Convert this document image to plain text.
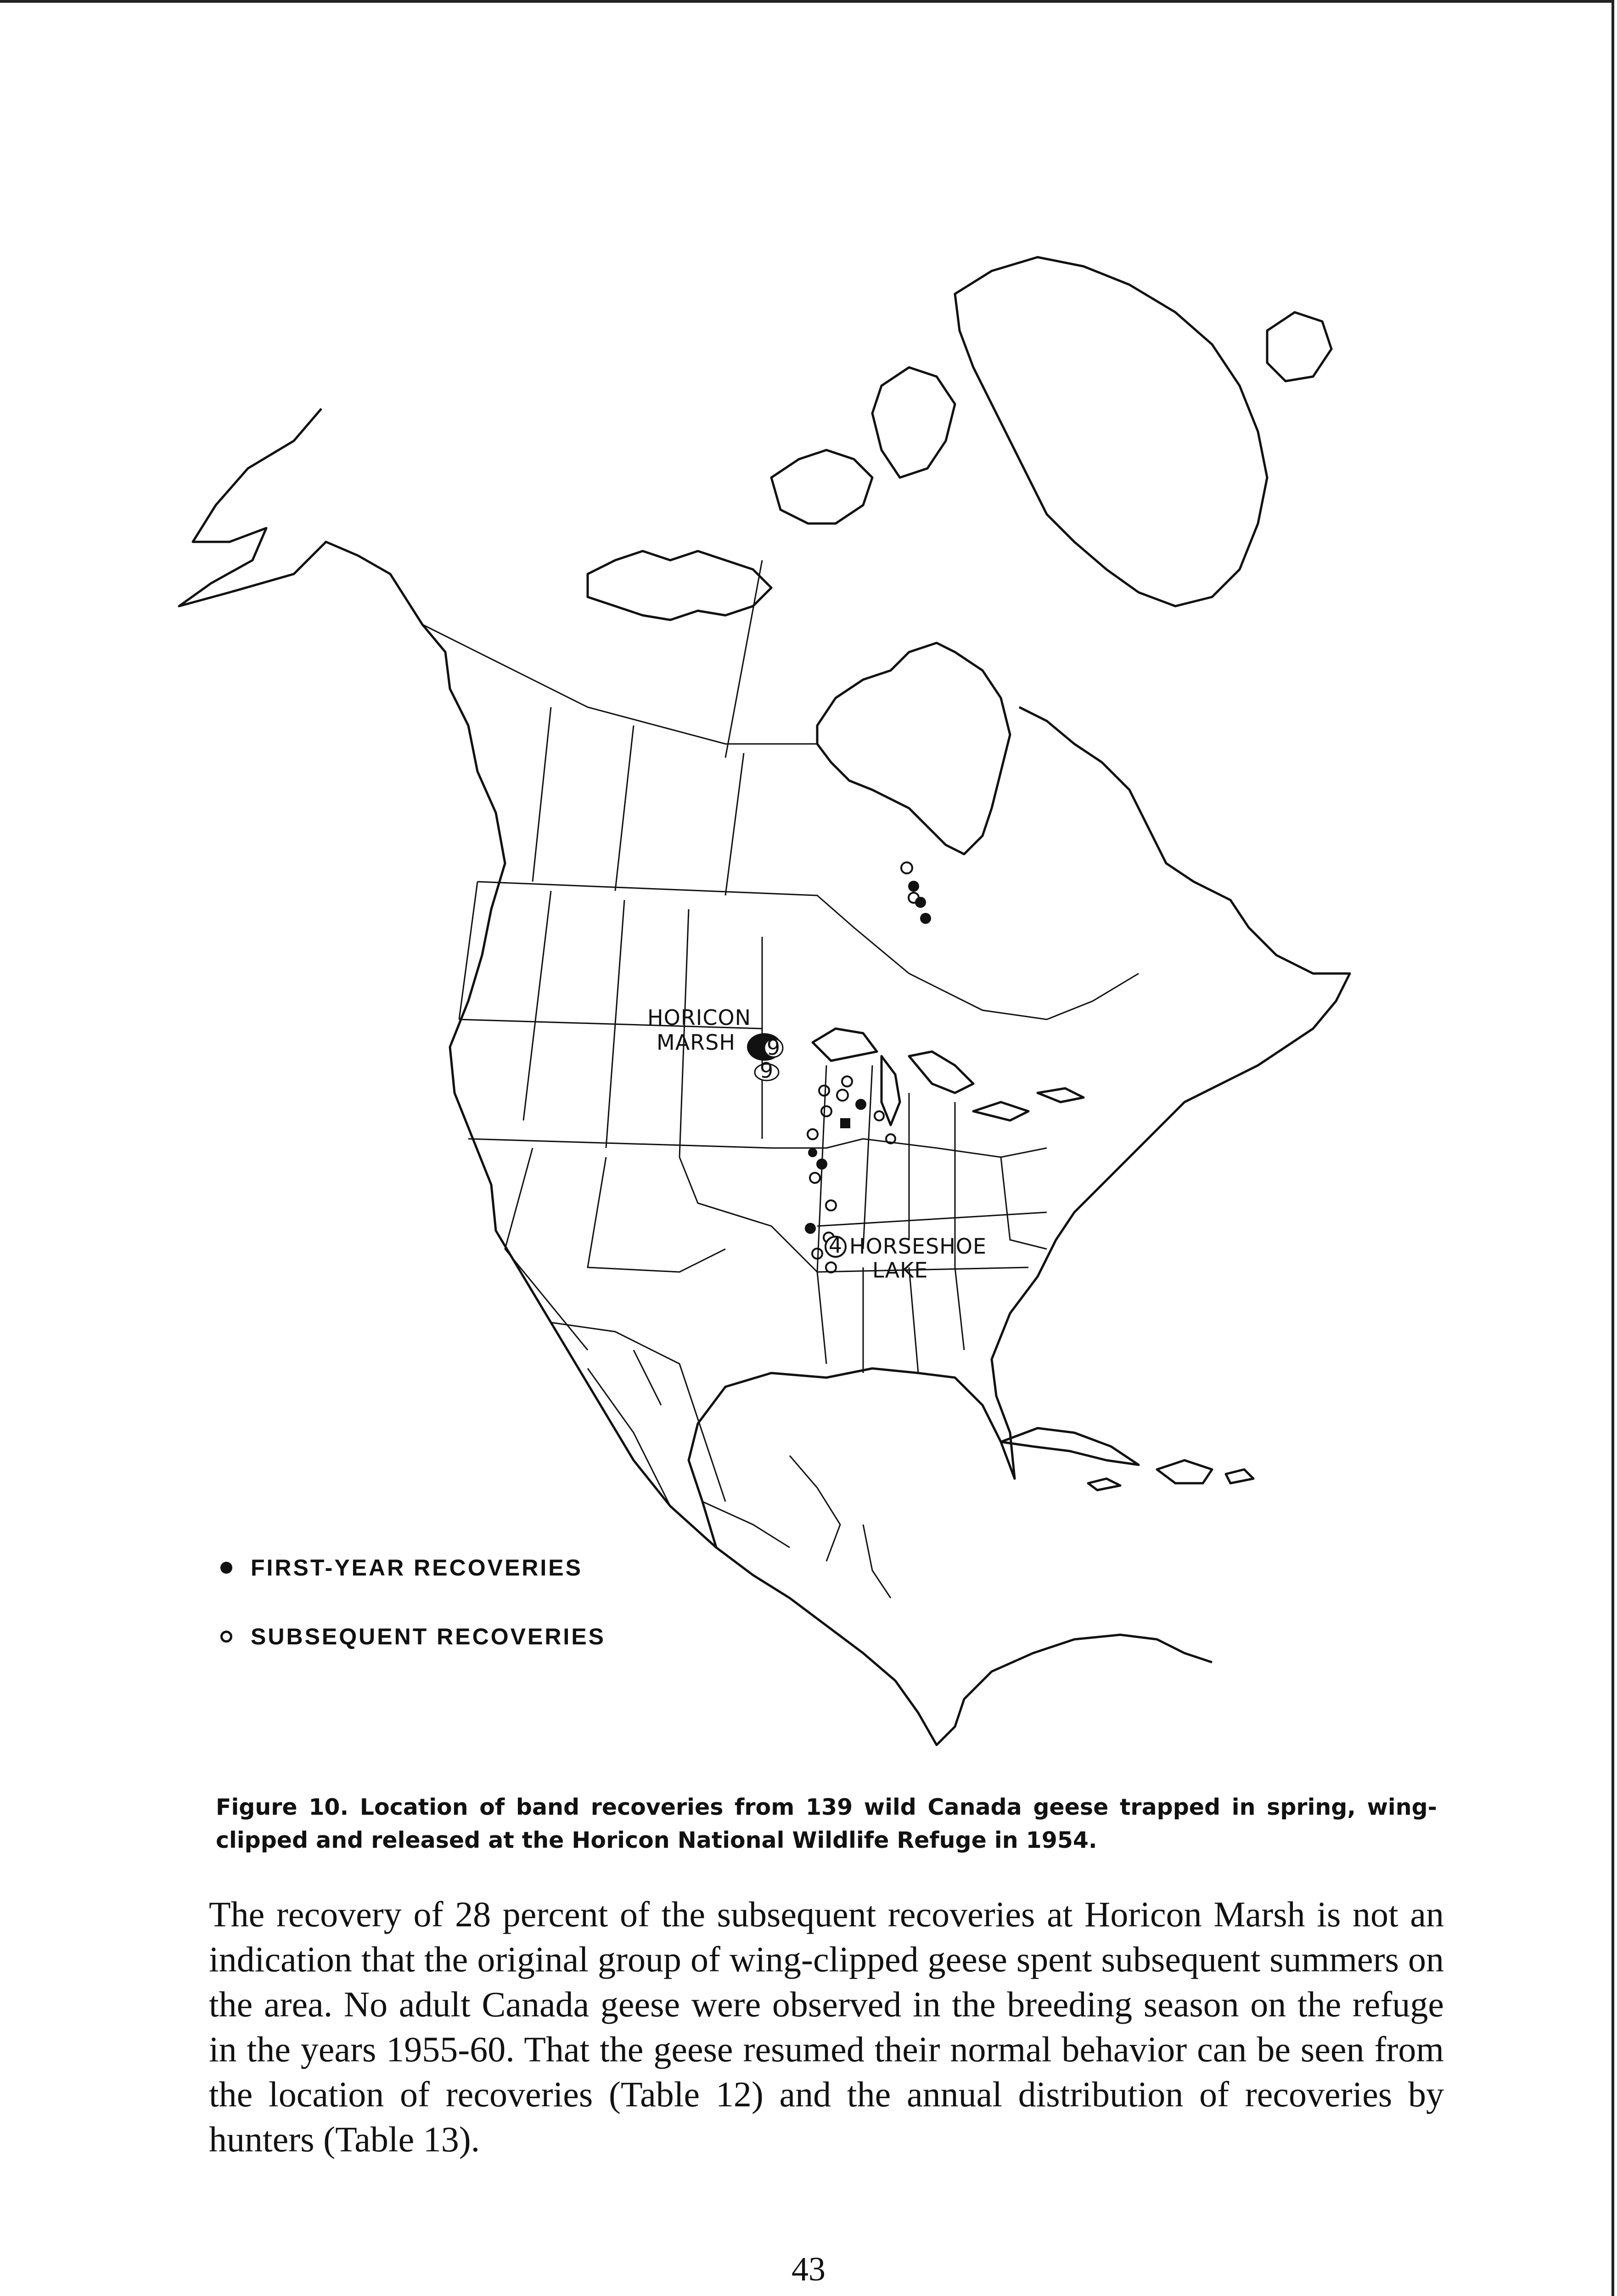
9
9
4
HORICON
MARSH
HORSESHOE
LAKE
FIRST-YEAR RECOVERIES
SUBSEQUENT RECOVERIES
Figure 10. Location of band recoveries from 139 wild Canada geese trapped in spring, wing-clipped and released at the Horicon National Wildlife Refuge in 1954.
The recovery of 28 percent of the subsequent recoveries at Horicon Marsh is not an indication that the original group of wing-clipped geese spent subsequent summers on the area. No adult Canada geese were observed in the breeding season on the refuge in the years 1955-60. That the geese resumed their normal behavior can be seen from the location of recoveries (Table 12) and the annual distribution of recoveries by hunters (Table 13).
43
